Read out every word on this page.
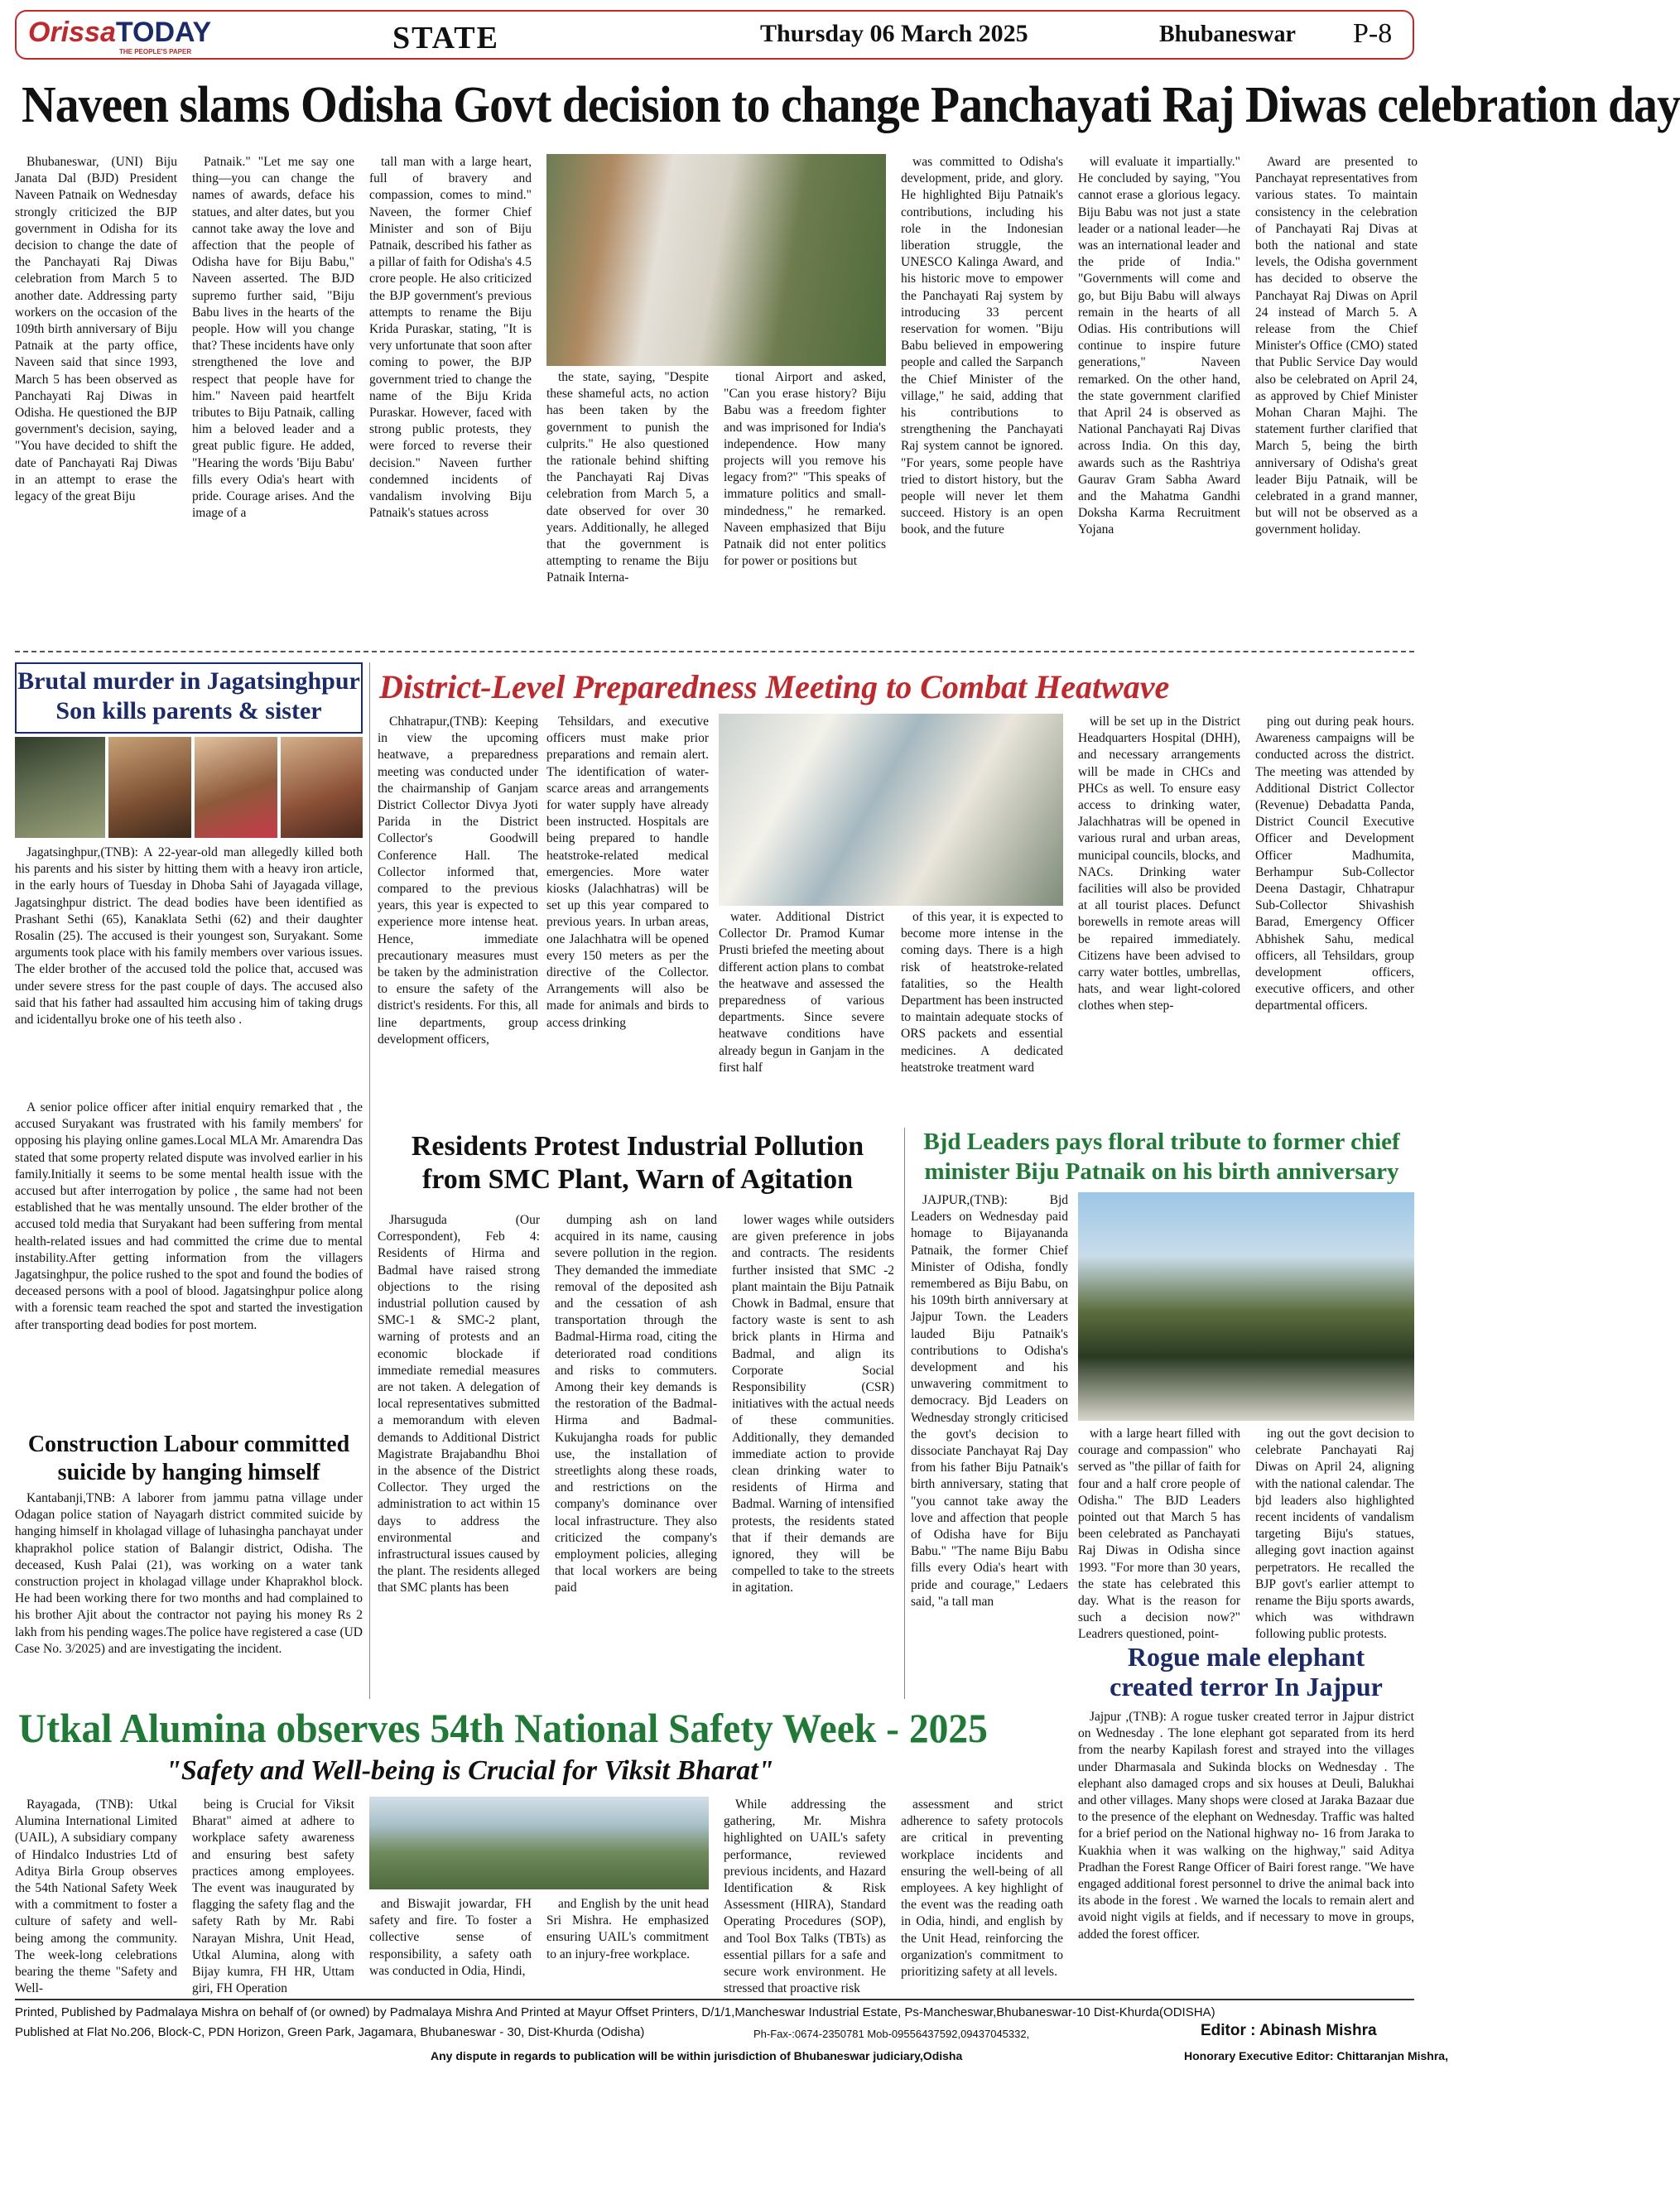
OrissaTODAY
THE PEOPLE'S PAPER	STATE	Thursday 06 March 2025	Bhubaneswar P-8
Naveen slams Odisha Govt decision to change Panchayati Raj Diwas celebration day

Bhubaneswar, (UNI) Biju Janata Dal (BJD) President Naveen Patnaik on Wednesday strongly criticized the BJP government in Odisha for its decision to change the date of the Panchayati Raj Diwas celebration from March 5 to another date. Addressing party workers on the occasion of the 109th birth anniversary of Biju Patnaik at the party office, Naveen said that since 1993, March 5 has been observed as Panchayati Raj Diwas in Odisha. He questioned the BJP government's decision, saying, "You have decided to shift the date of Panchayati Raj Diwas in an attempt to erase the legacy of the great Biju

Patnaik." "Let me say one thing—you can change the names of awards, deface his statues, and alter dates, but you cannot take away the love and affection that the people of Odisha have for Biju Babu," Naveen asserted. The BJD supremo further said, "Biju Babu lives in the hearts of the people. How will you change that? These incidents have only strengthened the love and respect that people have for him." Naveen paid heartfelt tributes to Biju Patnaik, calling him a beloved leader and a great public figure. He added, "Hearing the words 'Biju Babu' fills every Odia's heart with pride. Courage arises. And the image of a

tall man with a large heart, full of bravery and compassion, comes to mind." Naveen, the former Chief Minister and son of Biju Patnaik, described his father as a pillar of faith for Odisha's 4.5 crore people. He also criticized the BJP government's previous attempts to rename the Biju Krida Puraskar, stating, "It is very unfortunate that soon after coming to power, the BJP government tried to change the name of the Biju Krida Puraskar. However, faced with strong public protests, they were forced to reverse their decision." Naveen further condemned incidents of vandalism involving Biju Patnaik's statues across

the state, saying, "Despite these shameful acts, no action has been taken by the government to punish the culprits." He also questioned the rationale behind shifting the Panchayati Raj Divas celebration from March 5, a date observed for over 30 years. Additionally, he alleged that the government is attempting to rename the Biju Patnaik Interna-

tional Airport and asked, "Can you erase history? Biju Babu was a freedom fighter and was imprisoned for India's independence. How many projects will you remove his legacy from?" "This speaks of immature politics and small-mindedness," he remarked. Naveen emphasized that Biju Patnaik did not enter politics for power or positions but

was committed to Odisha's development, pride, and glory. He highlighted Biju Patnaik's contributions, including his role in the Indonesian liberation struggle, the UNESCO Kalinga Award, and his historic move to empower the Panchayati Raj system by introducing 33 percent reservation for women. "Biju Babu believed in empowering people and called the Sarpanch the Chief Minister of the village," he said, adding that his contributions to strengthening the Panchayati Raj system cannot be ignored. "For years, some people have tried to distort history, but the people will never let them succeed. History is an open book, and the future

will evaluate it impartially." He concluded by saying, "You cannot erase a glorious legacy. Biju Babu was not just a state leader or a national leader—he was an international leader and the pride of India." "Governments will come and go, but Biju Babu will always remain in the hearts of all Odias. His contributions will continue to inspire future generations," Naveen remarked. On the other hand, the state government clarified that April 24 is observed as National Panchayati Raj Divas across India. On this day, awards such as the Rashtriya Gaurav Gram Sabha Award and the Mahatma Gandhi Doksha Karma Recruitment Yojana

Award are presented to Panchayat representatives from various states. To maintain consistency in the celebration of Panchayati Raj Divas at both the national and state levels, the Odisha government has decided to observe the Panchayat Raj Diwas on April 24 instead of March 5. A release from the Chief Minister's Office (CMO) stated that Public Service Day would also be celebrated on April 24, as approved by Chief Minister Mohan Charan Majhi. The statement further clarified that March 5, being the birth anniversary of Odisha's great leader Biju Patnaik, will be celebrated in a grand manner, but will not be observed as a government holiday.

Brutal murder in Jagatsinghpur
Son kills parents & sister

Jagatsinghpur,(TNB): A 22-year-old man allegedly killed both his parents and his sister by hitting them with a heavy iron article, in the early hours of Tuesday in Dhoba Sahi of Jayagada village, Jagatsinghpur district. The dead bodies have been identified as Prashant Sethi (65), Kanaklata Sethi (62) and their daughter Rosalin (25). The accused is their youngest son, Suryakant. Some arguments took place with his family members over various issues. The elder brother of the accused told the police that, accused was under severe stress for the past couple of days. The accused also said that his father had assaulted him accusing him of taking drugs and icidentallyu broke one of his teeth also .

A senior police officer after initial enquiry remarked that , the accused Suryakant was frustrated with his family members' for opposing his playing online games.Local MLA Mr. Amarendra Das stated that some property related dispute was involved earlier in his family.Initially it seems to be some mental health issue with the accused but after interrogation by police , the same had not been established that he was mentally unsound. The elder brother of the accused told media that Suryakant had been suffering from mental health-related issues and had committed the crime due to mental instability.After getting information from the villagers Jagatsinghpur, the police rushed to the spot and found the bodies of deceased persons with a pool of blood. Jagatsinghpur police along with a forensic team reached the spot and started the investigation after transporting dead bodies for post mortem.

Construction Labour committed
suicide by hanging himself

Kantabanji,TNB: A laborer from jammu patna village under Odagan police station of Nayagarh district commited suicide by hanging himself in kholagad village of luhasingha panchayat under khaprakhol police station of Balangir district, Odisha. The deceased, Kush Palai (21), was working on a water tank construction project in kholagad village under Khaprakhol block. He had been working there for two months and had complained to his brother Ajit about the contractor not paying his money Rs 2 lakh from his pending wages.The police have registered a case (UD Case No. 3/2025) and are investigating the incident.

District-Level Preparedness Meeting to Combat Heatwave

Chhatrapur,(TNB): Keeping in view the upcoming heatwave, a preparedness meeting was conducted under the chairmanship of Ganjam District Collector Divya Jyoti Parida in the District Collector's Goodwill Conference Hall. The Collector informed that, compared to the previous years, this year is expected to experience more intense heat. Hence, immediate precautionary measures must be taken by the administration to ensure the safety of the district's residents. For this, all line departments, group development officers,

Tehsildars, and executive officers must make prior preparations and remain alert. The identification of water-scarce areas and arrangements for water supply have already been instructed. Hospitals are being prepared to handle heatstroke-related medical emergencies. More water kiosks (Jalachhatras) will be set up this year compared to previous years. In urban areas, one Jalachhatra will be opened every 150 meters as per the directive of the Collector. Arrangements will also be made for animals and birds to access drinking

water. Additional District Collector Dr. Pramod Kumar Prusti briefed the meeting about different action plans to combat the heatwave and assessed the preparedness of various departments. Since severe heatwave conditions have already begun in Ganjam in the first half

of this year, it is expected to become more intense in the coming days. There is a high risk of heatstroke-related fatalities, so the Health Department has been instructed to maintain adequate stocks of ORS packets and essential medicines. A dedicated heatstroke treatment ward

will be set up in the District Headquarters Hospital (DHH), and necessary arrangements will be made in CHCs and PHCs as well. To ensure easy access to drinking water, Jalachhatras will be opened in various rural and urban areas, municipal councils, blocks, and NACs. Drinking water facilities will also be provided at all tourist places. Defunct borewells in remote areas will be repaired immediately. Citizens have been advised to carry water bottles, umbrellas, hats, and wear light-colored clothes when step-

ping out during peak hours. Awareness campaigns will be conducted across the district. The meeting was attended by Additional District Collector (Revenue) Debadatta Panda, District Council Executive Officer and Development Officer Madhumita, Berhampur Sub-Collector Deena Dastagir, Chhatrapur Sub-Collector Shivashish Barad, Emergency Officer Abhishek Sahu, medical officers, all Tehsildars, group development officers, executive officers, and other departmental officers.

Residents Protest Industrial Pollution
from SMC Plant, Warn of Agitation

Jharsuguda (Our Correspondent), Feb 4: Residents of Hirma and Badmal have raised strong objections to the rising industrial pollution caused by SMC-1 & SMC-2 plant, warning of protests and an economic blockade if immediate remedial measures are not taken. A delegation of local representatives submitted a memorandum with eleven demands to Additional District Magistrate Brajabandhu Bhoi in the absence of the District Collector. They urged the administration to act within 15 days to address the environmental and infrastructural issues caused by the plant. The residents alleged that SMC plants has been

dumping ash on land acquired in its name, causing severe pollution in the region. They demanded the immediate removal of the deposited ash and the cessation of ash transportation through the Badmal-Hirma road, citing the deteriorated road conditions and risks to commuters. Among their key demands is the restoration of the Badmal-Hirma and Badmal-Kukujangha roads for public use, the installation of streetlights along these roads, and restrictions on the company's dominance over local infrastructure. They also criticized the company's employment policies, alleging that local workers are being paid

lower wages while outsiders are given preference in jobs and contracts. The residents further insisted that SMC -2 plant maintain the Biju Patnaik Chowk in Badmal, ensure that factory waste is sent to ash brick plants in Hirma and Badmal, and align its Corporate Social Responsibility (CSR) initiatives with the actual needs of these communities. Additionally, they demanded immediate action to provide clean drinking water to residents of Hirma and Badmal. Warning of intensified protests, the residents stated that if their demands are ignored, they will be compelled to take to the streets in agitation.

Bjd Leaders pays floral tribute to former chief
minister Biju Patnaik on his birth anniversary

JAJPUR,(TNB): Bjd Leaders on Wednesday paid homage to Bijayananda Patnaik, the former Chief Minister of Odisha, fondly remembered as Biju Babu, on his 109th birth anniversary at Jajpur Town. the Leaders lauded Biju Patnaik's contributions to Odisha's development and his unwavering commitment to democracy. Bjd Leaders on Wednesday strongly criticised the govt's decision to dissociate Panchayat Raj Day from his father Biju Patnaik's birth anniversary, stating that "you cannot take away the love and affection that people of Odisha have for Biju Babu." "The name Biju Babu fills every Odia's heart with pride and courage," Ledaers said, "a tall man

with a large heart filled with courage and compassion" who served as "the pillar of faith for four and a half crore people of Odisha." The BJD Leaders pointed out that March 5 has been celebrated as Panchayati Raj Diwas in Odisha since 1993. "For more than 30 years, the state has celebrated this day. What is the reason for such a decision now?" Leadrers questioned, point-

ing out the govt decision to celebrate Panchayati Raj Diwas on April 24, aligning with the national calendar. The bjd leaders also highlighted recent incidents of vandalism targeting Biju's statues, alleging govt inaction against perpetrators. He recalled the BJP govt's earlier attempt to rename the Biju sports awards, which was withdrawn following public protests.

Rogue male elephant
created terror In Jajpur

Jajpur ,(TNB): A rogue tusker created terror in Jajpur district on Wednesday . The lone elephant got separated from its herd from the nearby Kapilash forest and strayed into the villages under Dharmasala and Sukinda blocks on Wednesday . The elephant also damaged crops and six houses at Deuli, Balukhai and other villages. Many shops were closed at Jaraka Bazaar due to the presence of the elephant on Wednesday. Traffic was halted for a brief period on the National highway no- 16 from Jaraka to Kuakhia when it was walking on the highway," said Aditya Pradhan the Forest Range Officer of Bairi forest range. "We have engaged additional forest personnel to drive the animal back into its abode in the forest . We warned the locals to remain alert and avoid night vigils at fields, and if necessary to move in groups, added the forest officer.

Utkal Alumina observes 54th National Safety Week - 2025
"Safety and Well-being is Crucial for Viksit Bharat"

Rayagada, (TNB): Utkal Alumina International Limited (UAIL), A subsidiary company of Hindalco Industries Ltd of Aditya Birla Group observes the 54th National Safety Week with a commitment to foster a culture of safety and well-being among the community. The week-long celebrations bearing the theme "Safety and Well-

being is Crucial for Viksit Bharat" aimed at adhere to workplace safety awareness and ensuring best safety practices among employees. The event was inaugurated by flagging the safety flag and the safety Rath by Mr. Rabi Narayan Mishra, Unit Head, Utkal Alumina, along with Bijay kumra, FH HR, Uttam giri, FH Operation

and Biswajit jowardar, FH safety and fire. To foster a collective sense of responsibility, a safety oath was conducted in Odia, Hindi,

and English by the unit head Sri Mishra. He emphasized ensuring UAIL's commitment to an injury-free workplace.

While addressing the gathering, Mr. Mishra highlighted on UAIL's safety performance, reviewed previous incidents, and Hazard Identification & Risk Assessment (HIRA), Standard Operating Procedures (SOP), and Tool Box Talks (TBTs) as essential pillars for a safe and secure work environment. He stressed that proactive risk

assessment and strict adherence to safety protocols are critical in preventing workplace incidents and ensuring the well-being of all employees. A key highlight of the event was the reading oath in Odia, hindi, and english by the Unit Head, reinforcing the organization's commitment to prioritizing safety at all levels.

Printed, Published by Padmalaya Mishra on behalf of (or owned) by Padmalaya Mishra And Printed at Mayur Offset Printers, D/1/1,Mancheswar Industrial Estate, Ps-Mancheswar,Bhubaneswar-10 Dist-Khurda(ODISHA)
Published at Flat No.206, Block-C, PDN Horizon, Green Park, Jagamara, Bhubaneswar - 30, Dist-Khurda (Odisha)	Ph-Fax-:0674-2350781 Mob-09556437592,09437045332,	Editor : Abinash Mishra
Any dispute in regards to publication will be within jurisdiction of Bhubaneswar judiciary,Odisha	Honorary Executive Editor: Chittaranjan Mishra,
